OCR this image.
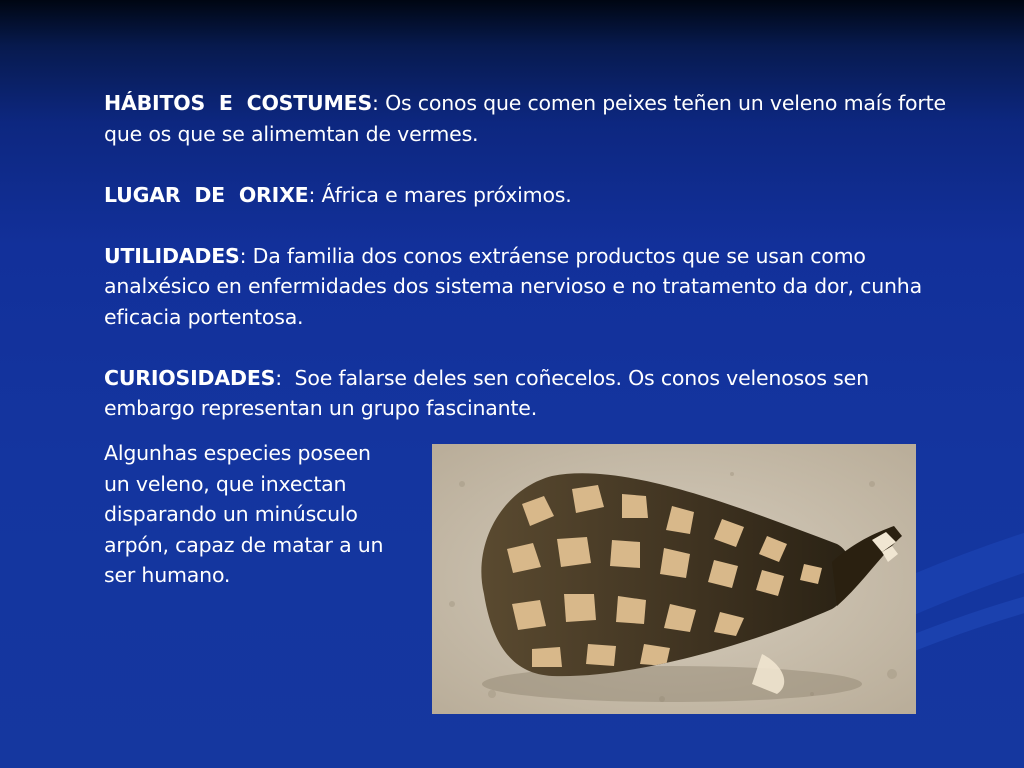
HÁBITOS  E  COSTUMES: Os conos que comen peixes teñen un veleno maís forte que os que se alimemtan de vermes.

LUGAR  DE  ORIXE: África e mares próximos.

UTILIDADES: Da familia dos conos extráense productos que se usan como analxésico en enfermidades dos sistema nervioso e no tratamento da dor, cunha eficacia portentosa.

CURIOSIDADES:  Soe falarse deles sen coñecelos. Os conos velenosos sen embargo representan un grupo fascinante.

Algunhas especies poseen un veleno, que inxectan disparando un minúsculo arpón, capaz de matar a un ser humano.
